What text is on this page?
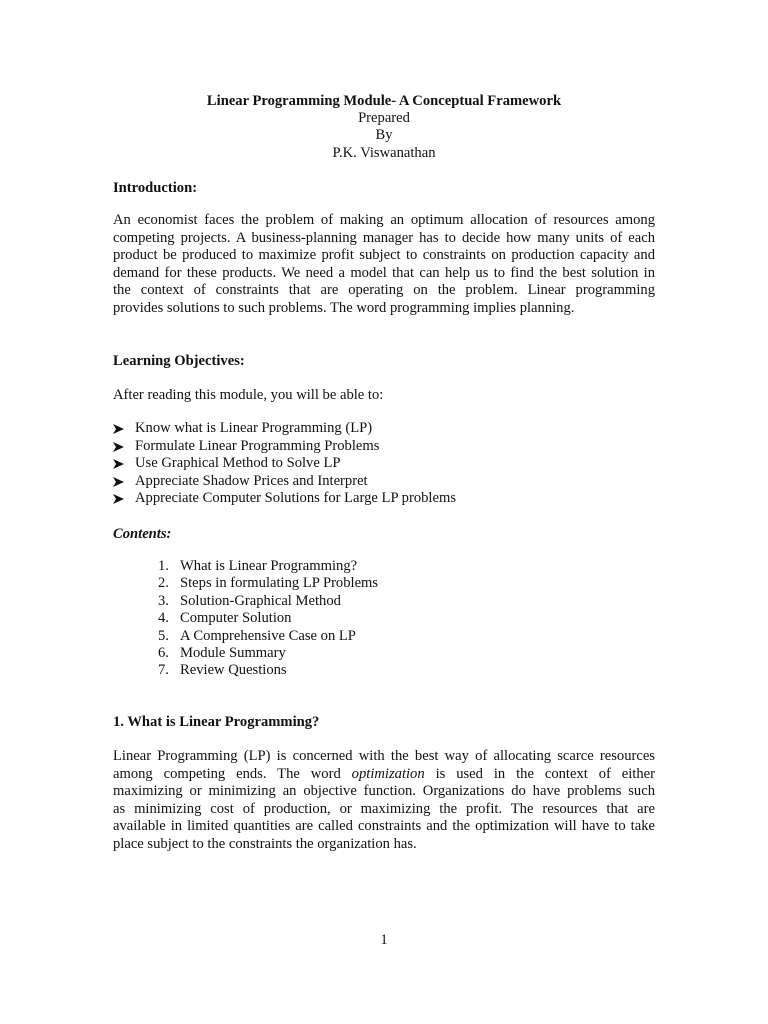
Linear Programming Module- A Conceptual Framework
Prepared
By
P.K. Viswanathan
Introduction:
An economist faces the problem of making an optimum allocation of resources among
competing projects. A business-planning manager has to decide how many units of each
product be produced to maximize profit subject to constraints on production capacity and
demand for these products. We need a model that can help us to find the best solution in
the context of constraints that are operating on the problem. Linear programming
provides solutions to such problems. The word programming implies planning.
Learning Objectives:
After reading this module, you will be able to:
Know what is Linear Programming (LP)
Formulate Linear Programming Problems
Use Graphical Method to Solve LP
Appreciate Shadow Prices and Interpret
Appreciate Computer Solutions for Large LP problems
Contents:
1. What is Linear Programming?
2. Steps in formulating LP Problems
3. Solution-Graphical Method
4. Computer Solution
5. A Comprehensive Case on LP
6. Module Summary
7. Review Questions
1. What is Linear Programming?
Linear Programming (LP) is concerned with the best way of allocating scarce resources
among competing ends. The word optimization is used in the context of either
maximizing or minimizing an objective function. Organizations do have problems such
as minimizing cost of production, or maximizing the profit. The resources that are
available in limited quantities are called constraints and the optimization will have to take
place subject to the constraints the organization has.
1
